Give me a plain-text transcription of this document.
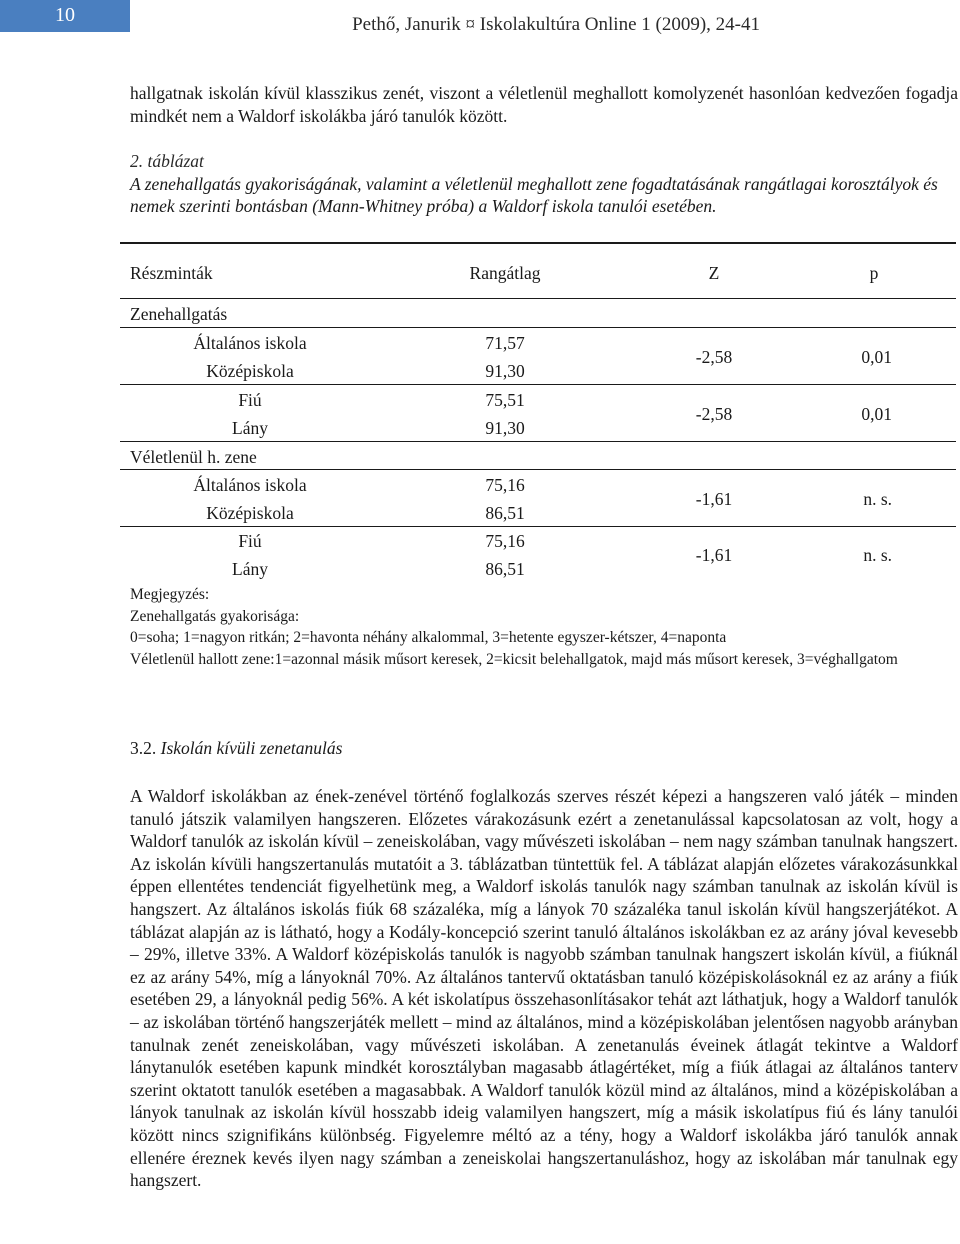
10	Pethő, Janurik ¤ Iskolakultúra Online 1 (2009), 24-41

hallgatnak iskolán kívül klasszikus zenét, viszont a véletlenül meghallott komolyzenét hasonlóan kedvezően fogadja mindkét nem a Waldorf iskolákba járó tanulók között.

2. táblázat
A zenehallgatás gyakoriságának, valamint a véletlenül meghallott zene fogadtatásának rangátlagai korosztályok és nemek szerinti bontásban (Mann-Whitney próba) a Waldorf iskola tanulói esetében.
Részminták	Rangátlag	Z	p
Zenehallgatás
Általános iskola	71,57
Középiskola	91,30
-2,58	0,01
Fiú	75,51
Lány	91,30
-2,58	0,01
Véletlenül h. zene
Általános iskola	75,16
Középiskola	86,51
-1,61	n. s.
Fiú	75,16
Lány	86,51
-1,61	n. s.
Megjegyzés:
Zenehallgatás gyakorisága:
0=soha; 1=nagyon ritkán; 2=havonta néhány alkalommal, 3=hetente egyszer-kétszer, 4=naponta
Véletlenül hallott zene:1=azonnal másik műsort keresek, 2=kicsit belehallgatok, majd más műsort keresek, 3=véghallgatom
3.2. Iskolán kívüli zenetanulás

A Waldorf iskolákban az ének-zenével történő foglalkozás szerves részét képezi a hangszeren való játék – minden tanuló játszik valamilyen hangszeren. Előzetes várakozásunk ezért a zenetanulással kapcsolatosan az volt, hogy a Waldorf tanulók az iskolán kívül – zeneiskolában, vagy művészeti iskolában – nem nagy számban tanulnak hangszert. Az iskolán kívüli hangszertanulás mutatóit a 3. táblázatban tüntettük fel. A táblázat alapján előzetes várakozásunkkal éppen ellentétes tendenciát figyelhetünk meg, a Waldorf iskolás tanulók nagy számban tanulnak az iskolán kívül is hangszert. Az általános iskolás fiúk 68 százaléka, míg a lányok 70 százaléka tanul iskolán kívül hangszerjátékot. A táblázat alapján az is látható, hogy a Kodály-koncepció szerint tanuló általános iskolákban ez az arány jóval kevesebb – 29%, illetve 33%. A Waldorf középiskolás tanulók is nagyobb számban tanulnak hangszert iskolán kívül, a fiúknál ez az arány 54%, míg a lányoknál 70%. Az általános tantervű oktatásban tanuló középiskolásoknál ez az arány a fiúk esetében 29, a lányoknál pedig 56%. A két iskolatípus összehasonlításakor tehát azt láthatjuk, hogy a Waldorf tanulók – az iskolában történő hangszerjáték mellett – mind az általános, mind a középiskolában jelentősen nagyobb arányban tanulnak zenét zeneiskolában, vagy művészeti iskolában. A zenetanulás éveinek átlagát tekintve a Waldorf lánytanulók esetében kapunk mindkét korosztályban magasabb átlagértéket, míg a fiúk átlagai az általános tanterv szerint oktatott tanulók esetében a magasabbak. A Waldorf tanulók közül mind az általános, mind a középiskolában a lányok tanulnak az iskolán kívül hosszabb ideig valamilyen hangszert, míg a másik iskolatípus fiú és lány tanulói között nincs szignifikáns különbség. Figyelemre méltó az a tény, hogy a Waldorf iskolákba járó tanulók annak ellenére éreznek kevés ilyen nagy számban a zeneiskolai hangszertanuláshoz, hogy az iskolában már tanulnak egy hangszert.
